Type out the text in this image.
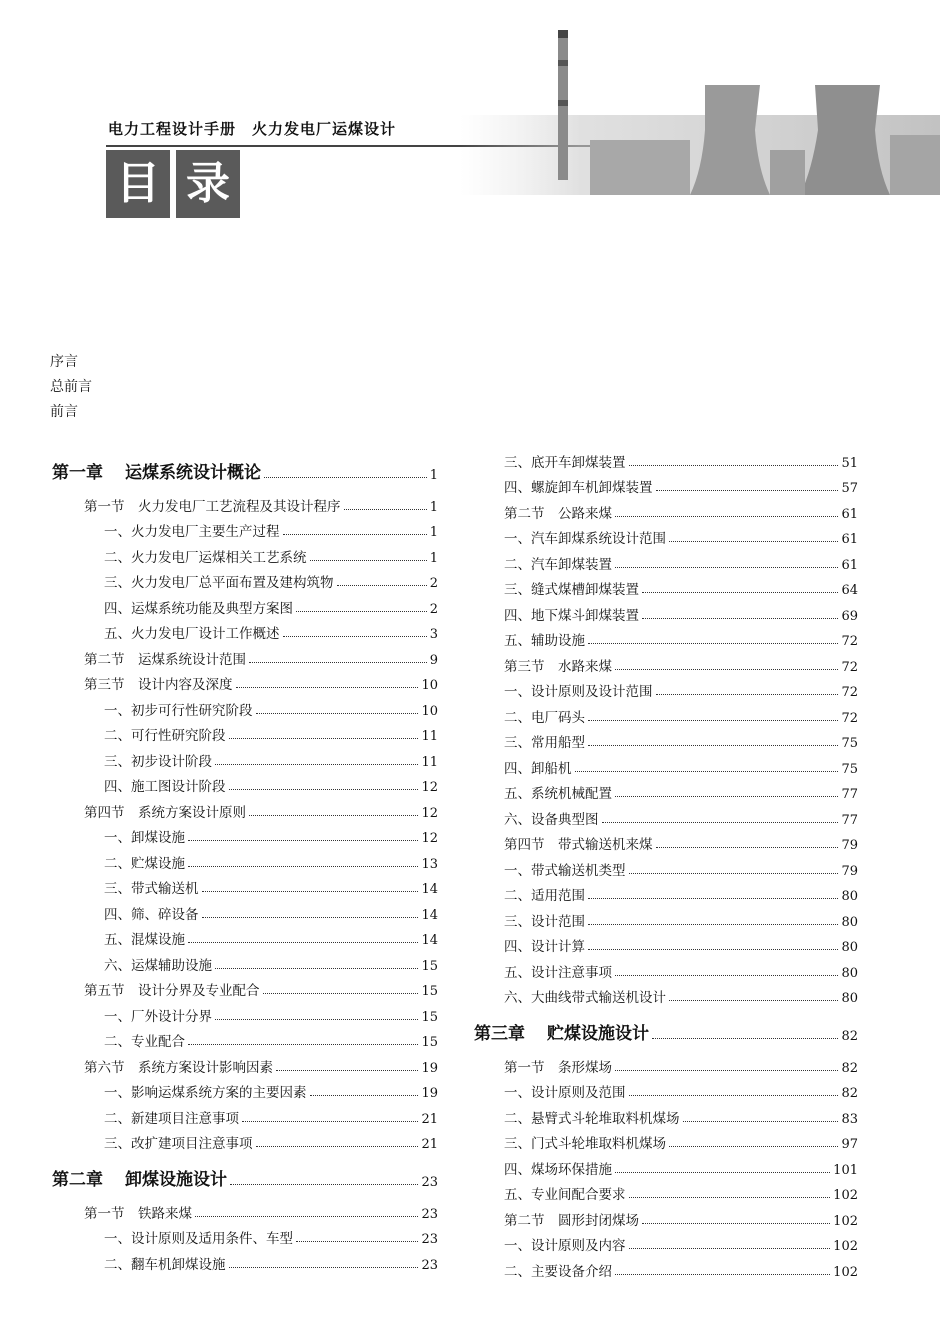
电力工程设计手册　火力发电厂运煤设计
目 录
序言
总前言
前言
第一章 运煤系统设计概论	1
第一节　火力发电厂工艺流程及其设计程序	1
一、火力发电厂主要生产过程	1
二、火力发电厂运煤相关工艺系统	1
三、火力发电厂总平面布置及建构筑物	2
四、运煤系统功能及典型方案图	2
五、火力发电厂设计工作概述	3
第二节　运煤系统设计范围	9
第三节　设计内容及深度	10
一、初步可行性研究阶段	10
二、可行性研究阶段	11
三、初步设计阶段	11
四、施工图设计阶段	12
第四节　系统方案设计原则	12
一、卸煤设施	12
二、贮煤设施	13
三、带式输送机	14
四、筛、碎设备	14
五、混煤设施	14
六、运煤辅助设施	15
第五节　设计分界及专业配合	15
一、厂外设计分界	15
二、专业配合	15
第六节　系统方案设计影响因素	19
一、影响运煤系统方案的主要因素	19
二、新建项目注意事项	21
三、改扩建项目注意事项	21
第二章 卸煤设施设计	23
第一节　铁路来煤	23
一、设计原则及适用条件、车型	23
二、翻车机卸煤设施	23
三、底开车卸煤装置	51
四、螺旋卸车机卸煤装置	57
第二节　公路来煤	61
一、汽车卸煤系统设计范围	61
二、汽车卸煤装置	61
三、缝式煤槽卸煤装置	64
四、地下煤斗卸煤装置	69
五、辅助设施	72
第三节　水路来煤	72
一、设计原则及设计范围	72
二、电厂码头	72
三、常用船型	75
四、卸船机	75
五、系统机械配置	77
六、设备典型图	77
第四节　带式输送机来煤	79
一、带式输送机类型	79
二、适用范围	80
三、设计范围	80
四、设计计算	80
五、设计注意事项	80
六、大曲线带式输送机设计	80
第三章 贮煤设施设计	82
第一节　条形煤场	82
一、设计原则及范围	82
二、悬臂式斗轮堆取料机煤场	83
三、门式斗轮堆取料机煤场	97
四、煤场环保措施	101
五、专业间配合要求	102
第二节　圆形封闭煤场	102
一、设计原则及内容	102
二、主要设备介绍	102
